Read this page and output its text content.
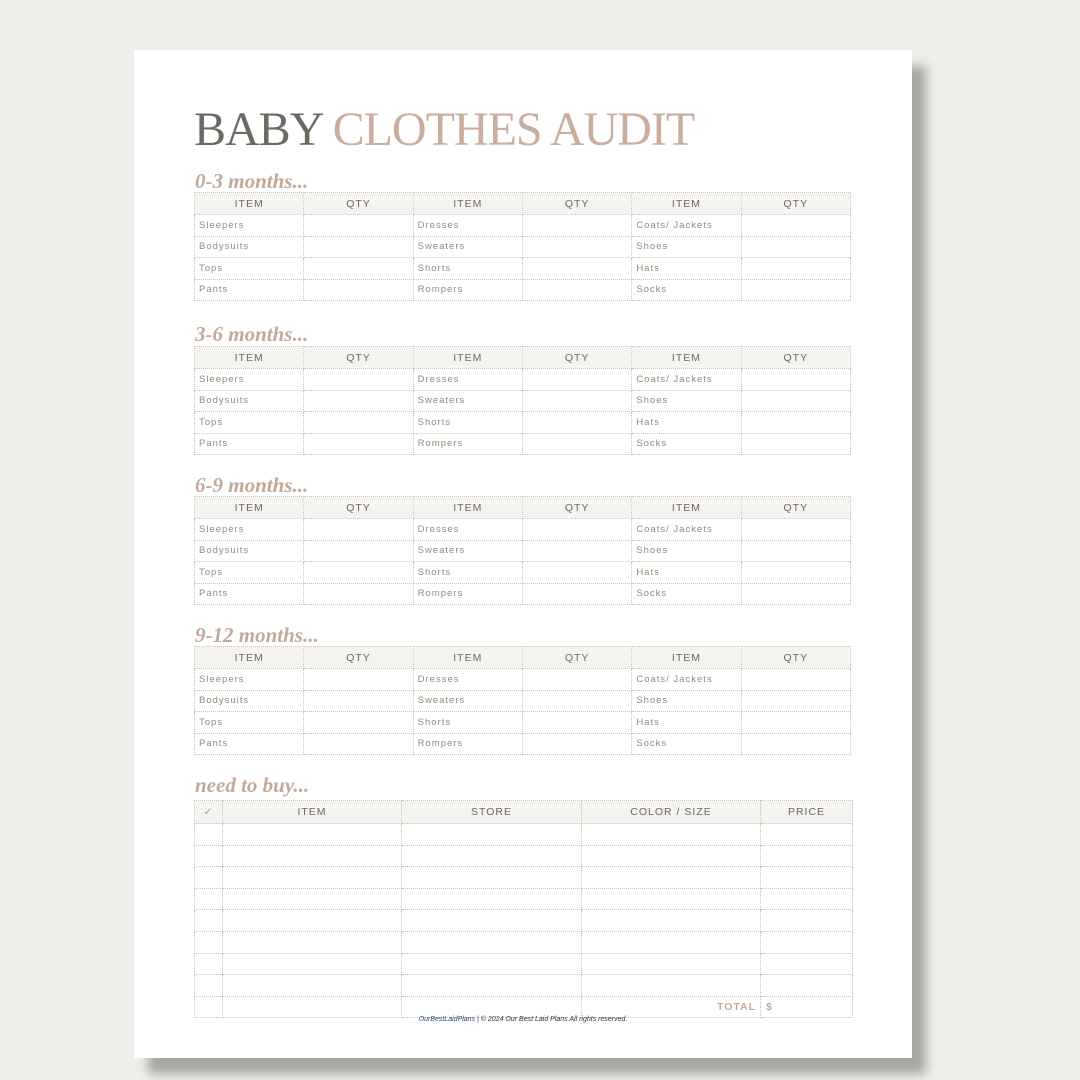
BABY CLOTHES AUDIT
0-3 months...
ITEM	QTY	ITEM	QTY	ITEM	QTY
Sleepers		Dresses		Coats/ Jackets	
Bodysuits		Sweaters		Shoes	
Tops		Shorts		Hats	
Pants		Rompers		Socks	
3-6 months...
ITEM	QTY	ITEM	QTY	ITEM	QTY
Sleepers		Dresses		Coats/ Jackets	
Bodysuits		Sweaters		Shoes	
Tops		Shorts		Hats	
Pants		Rompers		Socks	
6-9 months...
ITEM	QTY	ITEM	QTY	ITEM	QTY
Sleepers		Dresses		Coats/ Jackets	
Bodysuits		Sweaters		Shoes	
Tops		Shorts		Hats	
Pants		Rompers		Socks	
9-12 months...
ITEM	QTY	ITEM	QTY	ITEM	QTY
Sleepers		Dresses		Coats/ Jackets	
Bodysuits		Sweaters		Shoes	
Tops		Shorts		Hats	
Pants		Rompers		Socks	
need to buy...
✓	ITEM	STORE	COLOR / SIZE	PRICE

			TOTAL	$
OurBestLaidPlans | © 2024 Our Best Laid Plans All rights reserved.
